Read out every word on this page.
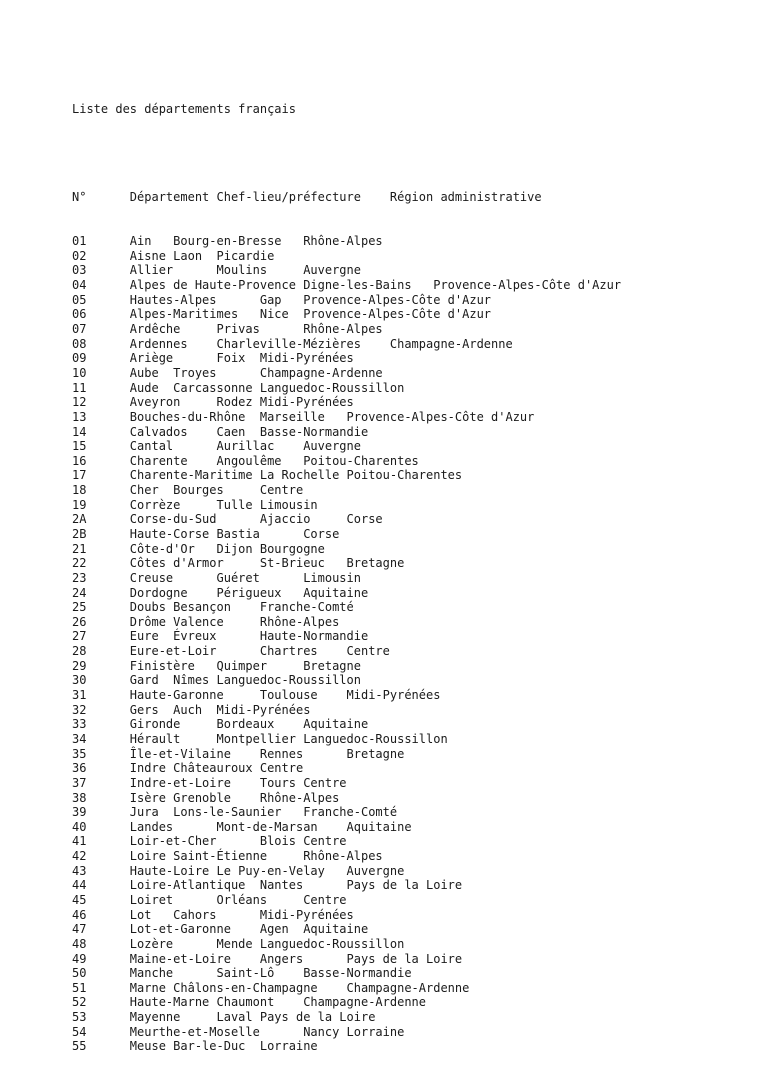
Liste des départements français

N°      Département Chef-lieu/préfecture    Région administrative

01      Ain   Bourg-en-Bresse   Rhône-Alpes
02      Aisne Laon  Picardie
03      Allier      Moulins     Auvergne
04      Alpes de Haute-Provence Digne-les-Bains   Provence-Alpes-Côte d'Azur
05      Hautes-Alpes      Gap   Provence-Alpes-Côte d'Azur
06      Alpes-Maritimes   Nice  Provence-Alpes-Côte d'Azur
07      Ardêche     Privas      Rhône-Alpes
08      Ardennes    Charleville-Mézières    Champagne-Ardenne
09      Ariège      Foix  Midi-Pyrénées
10      Aube  Troyes      Champagne-Ardenne
11      Aude  Carcassonne Languedoc-Roussillon
12      Aveyron     Rodez Midi-Pyrénées
13      Bouches-du-Rhône  Marseille   Provence-Alpes-Côte d'Azur
14      Calvados    Caen  Basse-Normandie
15      Cantal      Aurillac    Auvergne
16      Charente    Angoulême   Poitou-Charentes
17      Charente-Maritime La Rochelle Poitou-Charentes
18      Cher  Bourges     Centre
19      Corrèze     Tulle Limousin
2A      Corse-du-Sud      Ajaccio     Corse
2B      Haute-Corse Bastia      Corse
21      Côte-d'Or   Dijon Bourgogne
22      Côtes d'Armor     St-Brieuc   Bretagne
23      Creuse      Guéret      Limousin
24      Dordogne    Périgueux   Aquitaine
25      Doubs Besançon    Franche-Comté
26      Drôme Valence     Rhône-Alpes
27      Eure  Évreux      Haute-Normandie
28      Eure-et-Loir      Chartres    Centre
29      Finistère   Quimper     Bretagne
30      Gard  Nîmes Languedoc-Roussillon
31      Haute-Garonne     Toulouse    Midi-Pyrénées
32      Gers  Auch  Midi-Pyrénées
33      Gironde     Bordeaux    Aquitaine
34      Hérault     Montpellier Languedoc-Roussillon
35      Île-et-Vilaine    Rennes      Bretagne
36      Indre Châteauroux Centre
37      Indre-et-Loire    Tours Centre
38      Isère Grenoble    Rhône-Alpes
39      Jura  Lons-le-Saunier   Franche-Comté
40      Landes      Mont-de-Marsan    Aquitaine
41      Loir-et-Cher      Blois Centre
42      Loire Saint-Étienne     Rhône-Alpes
43      Haute-Loire Le Puy-en-Velay   Auvergne
44      Loire-Atlantique  Nantes      Pays de la Loire
45      Loiret      Orléans     Centre
46      Lot   Cahors      Midi-Pyrénées
47      Lot-et-Garonne    Agen  Aquitaine
48      Lozère      Mende Languedoc-Roussillon
49      Maine-et-Loire    Angers      Pays de la Loire
50      Manche      Saint-Lô    Basse-Normandie
51      Marne Châlons-en-Champagne    Champagne-Ardenne
52      Haute-Marne Chaumont    Champagne-Ardenne
53      Mayenne     Laval Pays de la Loire
54      Meurthe-et-Moselle      Nancy Lorraine
55      Meuse Bar-le-Duc  Lorraine
